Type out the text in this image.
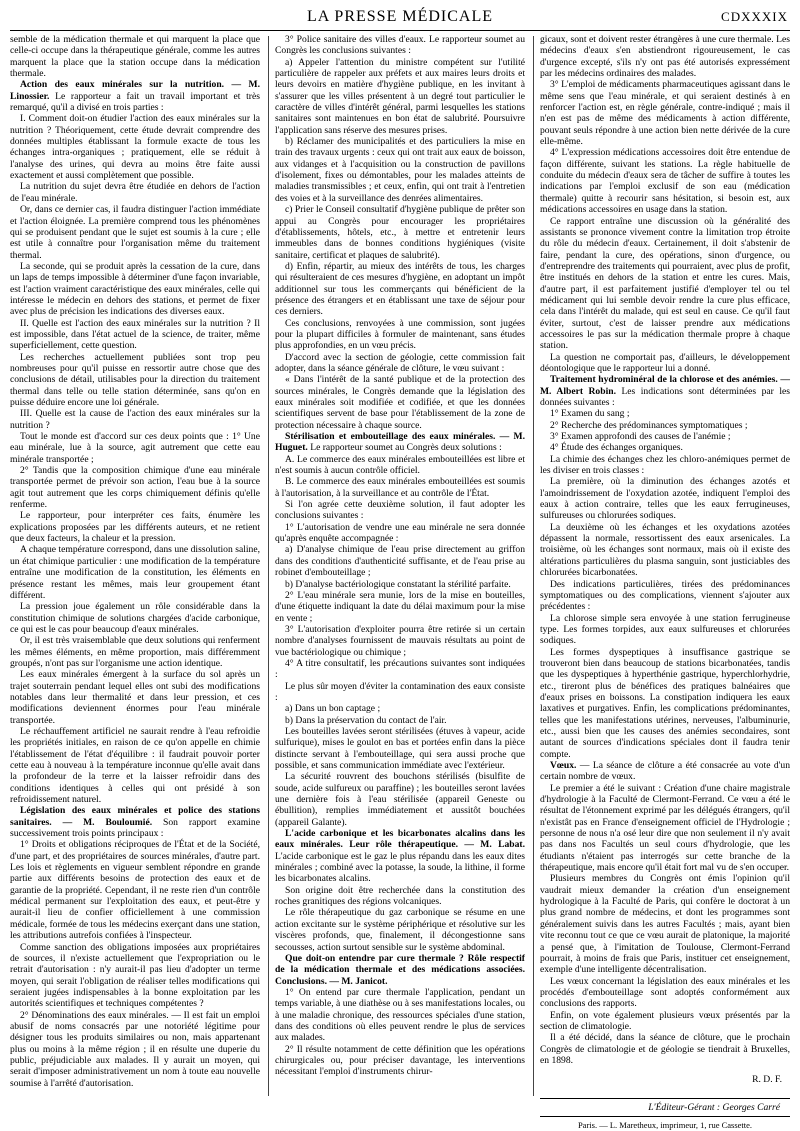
LA PRESSE MÉDICALE	CDXXXIX

semble de la médication thermale et qui marquent la place que celle-ci occupe dans la thérapeutique générale, comme les autres marquent la place que la station occupe dans la médication thermale.

Action des eaux minérales sur la nutrition. — M. Linossier. Le rapporteur a fait un travail important et très remarqué, qu'il a divisé en trois parties :

I. Comment doit-on étudier l'action des eaux minérales sur la nutrition ? Théoriquement, cette étude devrait comprendre des données multiples établissant la formule exacte de tous les échanges intra-organiques ; pratiquement, elle se réduit à l'analyse des urines, qui devra au moins être faite aussi exactement et aussi complètement que possible.

La nutrition du sujet devra être étudiée en dehors de l'action de l'eau minérale.

Or, dans ce dernier cas, il faudra distinguer l'action immédiate et l'action éloignée. La première comprend tous les phénomènes qui se produisent pendant que le sujet est soumis à la cure ; elle est utile à connaître pour l'organisation même du traitement thermal.

La seconde, qui se produit après la cessation de la cure, dans un laps de temps impossible à déterminer d'une façon invariable, est l'action vraiment caractéristique des eaux minérales, celle qui intéresse le médecin en dehors des stations, et permet de fixer avec plus de précision les indications des diverses eaux.

II. Quelle est l'action des eaux minérales sur la nutrition ? Il est impossible, dans l'état actuel de la science, de traiter, même superficiellement, cette question.

Les recherches actuellement publiées sont trop peu nombreuses pour qu'il puisse en ressortir autre chose que des conclusions de détail, utilisables pour la direction du traitement thermal dans telle ou telle station déterminée, sans qu'on en puisse déduire encore une loi générale.

III. Quelle est la cause de l'action des eaux minérales sur la nutrition ?

Tout le monde est d'accord sur ces deux points que : 1° Une eau minérale, lue à la source, agit autrement que cette eau minérale transportée ;

2° Tandis que la composition chimique d'une eau minérale transportée permet de prévoir son action, l'eau bue à la source agit tout autrement que les corps chimiquement définis qu'elle renferme.

Le rapporteur, pour interpréter ces faits, énumère les explications proposées par les différents auteurs, et ne retient que deux facteurs, la chaleur et la pression.

A chaque température correspond, dans une dissolution saline, un état chimique particulier : une modification de la température entraîne une modification de la constitution, les éléments en présence restant les mêmes, mais leur groupement étant différent.

La pression joue également un rôle considérable dans la constitution chimique de solutions chargées d'acide carbonique, ce qui est le cas pour beaucoup d'eaux minérales.

Or, il est très vraisemblable que deux solutions qui renferment les mêmes éléments, en même proportion, mais différemment groupés, n'ont pas sur l'organisme une action identique.

Les eaux minérales émergent à la surface du sol après un trajet souterrain pendant lequel elles ont subi des modifications notables dans leur thermalité et dans leur pression, et ces modifications deviennent énormes pour l'eau minérale transportée.

Le réchauffement artificiel ne saurait rendre à l'eau refroidie les propriétés initiales, en raison de ce qu'on appelle en chimie l'établissement de l'état d'équilibre : il faudrait pouvoir porter cette eau à nouveau à la température inconnue qu'elle avait dans la profondeur de la terre et la laisser refroidir dans des conditions identiques à celles qui ont présidé à son refroidissement naturel.

Législation des eaux minérales et police des stations sanitaires. — M. Bouloumié. Son rapport examine successivement trois points principaux :

1° Droits et obligations réciproques de l'État et de la Société, d'une part, et des propriétaires de sources minérales, d'autre part. Les lois et règlements en vigueur semblent répondre en grande partie aux différents besoins de protection des eaux et de garantie de la propriété. Cependant, il ne reste rien d'un contrôle médical permanent sur l'exploitation des eaux, et peut-être y aurait-il lieu de confier officiellement à une commission médicale, formée de tous les médecins exerçant dans une station, les attributions autrefois confiées à l'inspecteur.

Comme sanction des obligations imposées aux propriétaires de sources, il n'existe actuellement que l'expropriation ou le retrait d'autorisation : n'y aurait-il pas lieu d'adopter un terme moyen, qui serait l'obligation de réaliser telles modifications qui seraient jugées indispensables à la bonne exploitation par les autorités scientifiques et techniques compétentes ?

2° Dénominations des eaux minérales. — Il est fait un emploi abusif de noms consacrés par une notoriété légitime pour désigner tous les produits similaires ou non, mais appartenant plus ou moins à la même région ; il en résulte une duperie du public, préjudiciable aux malades. Il y aurait un moyen, qui serait d'imposer administrativement un nom à toute eau nouvelle soumise à l'arrêté d'autorisation.

3° Police sanitaire des villes d'eaux. Le rapporteur soumet au Congrès les conclusions suivantes :

a) Appeler l'attention du ministre compétent sur l'utilité particulière de rappeler aux préfets et aux maires leurs droits et leurs devoirs en matière d'hygiène publique, en les invitant à s'assurer que les villes présentent à un degré tout particulier le caractère de villes d'intérêt général, parmi lesquelles les stations sanitaires sont maintenues en bon état de salubrité. Poursuivre l'application sans réserve des mesures prises.

b) Réclamer des municipalités et des particuliers la mise en train des travaux urgents : ceux qui ont trait aux eaux de boisson, aux vidanges et à l'acquisition ou la construction de pavillons d'isolement, fixes ou démontables, pour les malades atteints de maladies transmissibles ; et ceux, enfin, qui ont trait à l'entretien des voies et à la surveillance des denrées alimentaires.

c) Prier le Conseil consultatif d'hygiène publique de prêter son appui au Congrès pour encourager les propriétaires d'établissements, hôtels, etc., à mettre et entretenir leurs immeubles dans de bonnes conditions hygiéniques (visite sanitaire, certificat et plaques de salubrité).

d) Enfin, répartir, au mieux des intérêts de tous, les charges qui résulteraient de ces mesures d'hygiène, en adoptant un impôt additionnel sur tous les commerçants qui bénéficient de la présence des étrangers et en établissant une taxe de séjour pour ces derniers.

Ces conclusions, renvoyées à une commission, sont jugées pour la plupart difficiles à formuler de maintenant, sans études plus approfondies, en un vœu précis.

D'accord avec la section de géologie, cette commission fait adopter, dans la séance générale de clôture, le vœu suivant :

« Dans l'intérêt de la santé publique et de la protection des sources minérales, le Congrès demande que la législation des eaux minérales soit modifiée et codifiée, et que les données scientifiques servent de base pour l'établissement de la zone de protection nécessaire à chaque source.

Stérilisation et embouteillage des eaux minérales. — M. Huguet. Le rapporteur soumet au Congrès deux solutions :

A. Le commerce des eaux minérales embouteillées est libre et n'est soumis à aucun contrôle officiel.

B. Le commerce des eaux minérales embouteillées est soumis à l'autorisation, à la surveillance et au contrôle de l'État.

Si l'on agrée cette deuxième solution, il faut adopter les conclusions suivantes :

1° L'autorisation de vendre une eau minérale ne sera donnée qu'après enquête accompagnée :

a) D'analyse chimique de l'eau prise directement au griffon dans des conditions d'authenticité suffisante, et de l'eau prise au robinet d'embouteillage ;

b) D'analyse bactériologique constatant la stérilité parfaite.

2° L'eau minérale sera munie, lors de la mise en bouteilles, d'une étiquette indiquant la date du délai maximum pour la mise en vente ;

3° L'autorisation d'exploiter pourra être retirée si un certain nombre d'analyses fournissent de mauvais résultats au point de vue bactériologique ou chimique ;

4° A titre consultatif, les précautions suivantes sont indiquées :

Le plus sûr moyen d'éviter la contamination des eaux consiste :

a) Dans un bon captage ;

b) Dans la préservation du contact de l'air.

Les bouteilles lavées seront stérilisées (étuves à vapeur, acide sulfurique), mises le goulot en bas et portées enfin dans la pièce distincte servant à l'embouteillage, qui sera aussi proche que possible, et sans communication immédiate avec l'extérieur.

La sécurité rouvrent des bouchons stérilisés (bisulfite de soude, acide sulfureux ou paraffine) ; les bouteilles seront lavées une dernière fois à l'eau stérilisée (appareil Geneste ou ébullition), remplies immédiatement et aussitôt bouchées (appareil Galante).

L'acide carbonique et les bicarbonates alcalins dans les eaux minérales. Leur rôle thérapeutique. — M. Labat. L'acide carbonique est le gaz le plus répandu dans les eaux dites minérales ; combiné avec la potasse, la soude, la lithine, il forme les bicarbonates alcalins.

Son origine doit être recherchée dans la constitution des roches granitiques des régions volcaniques.

Le rôle thérapeutique du gaz carbonique se résume en une action excitante sur le système périphérique et résolutive sur les viscères profonds, que, finalement, il décongestionne sans secousses, action surtout sensible sur le système abdominal.

Que doit-on entendre par cure thermale ? Rôle respectif de la médication thermale et des médications associées. Conclusions. — M. Janicot.

1° On entend par cure thermale l'application, pendant un temps variable, à une diathèse ou à ses manifestations locales, ou à une maladie chronique, des ressources spéciales d'une station, dans des conditions où elles peuvent rendre le plus de services aux malades.

2° Il résulte notamment de cette définition que les opérations chirurgicales ou, pour préciser davantage, les interventions nécessitant l'emploi d'instruments chirur-

gicaux, sont et doivent rester étrangères à une cure thermale. Les médecins d'eaux s'en abstiendront rigoureusement, le cas d'urgence excepté, s'ils n'y ont pas été autorisés expressément par les médecins ordinaires des malades.

3° L'emploi de médicaments pharmaceutiques agissant dans le même sens que l'eau minérale, et qui seraient destinés à en renforcer l'action est, en règle générale, contre-indiqué ; mais il n'en est pas de même des médicaments à action différente, pouvant seuls répondre à une action bien nette dérivée de la cure elle-même.

4° L'expression médications accessoires doit être entendue de façon différente, suivant les stations. La règle habituelle de conduite du médecin d'eaux sera de tâcher de suffire à toutes les indications par l'emploi exclusif de son eau (médication thermale) quitte à recourir sans hésitation, si besoin est, aux médications accessoires en usage dans la station.

Ce rapport entraîne une discussion où la généralité des assistants se prononce vivement contre la limitation trop étroite du rôle du médecin d'eaux. Certainement, il doit s'abstenir de faire, pendant la cure, des opérations, sinon d'urgence, ou d'entreprendre des traitements qui pourraient, avec plus de profit, être institués en dehors de la station et entre les cures. Mais, d'autre part, il est parfaitement justifié d'employer tel ou tel médicament qui lui semble devoir rendre la cure plus efficace, cela dans l'intérêt du malade, qui est seul en cause. Ce qu'il faut éviter, surtout, c'est de laisser prendre aux médications accessoires le pas sur la médication thermale propre à chaque station.

La question ne comportait pas, d'ailleurs, le développement déontologique que le rapporteur lui a donné.

Traitement hydrominéral de la chlorose et des anémies. — M. Albert Robin. Les indications sont déterminées par les données suivantes :

1° Examen du sang ;

2° Recherche des prédominances symptomatiques ;

3° Examen approfondi des causes de l'anémie ;

4° Étude des échanges organiques.

La chimie des échanges chez les chloro-anémiques permet de les diviser en trois classes :

La première, où la diminution des échanges azotés et l'amoindrissement de l'oxydation azotée, indiquent l'emploi des eaux à action contraire, telles que les eaux ferrugineuses, sulfureuses ou chlorurées sodiques.

La deuxième où les échanges et les oxydations azotées dépassent la normale, ressortissent des eaux arsenicales. La troisième, où les échanges sont normaux, mais où il existe des altérations particulières du plasma sanguin, sont justiciables des chlorurées bicarbonatées.

Des indications particulières, tirées des prédominances symptomatiques ou des complications, viennent s'ajouter aux précédentes :

La chlorose simple sera envoyée à une station ferrugineuse type. Les formes torpides, aux eaux sulfureuses et chlorurées sodiques.

Les formes dyspeptiques à insuffisance gastrique se trouveront bien dans beaucoup de stations bicarbonatées, tandis que les dyspeptiques à hyperthénie gastrique, hyperchlorhydrie, etc., tireront plus de bénéfices des pratiques balnéaires que d'eaux prises en boissons. La constipation indiquera les eaux laxatives et purgatives. Enfin, les complications prédominantes, telles que les manifestations utérines, nerveuses, l'albuminurie, etc., aussi bien que les causes des anémies secondaires, sont autant de sources d'indications spéciales dont il faudra tenir compte.

Vœux. — La séance de clôture a été consacrée au vote d'un certain nombre de vœux.

Le premier a été le suivant : Création d'une chaire magistrale d'hydrologie à la Faculté de Clermont-Ferrand. Ce vœu a été le résultat de l'étonnement exprimé par les délégués étrangers, qu'il n'existât pas en France d'enseignement officiel de l'Hydrologie ; personne de nous n'a osé leur dire que non seulement il n'y avait pas dans nos Facultés un seul cours d'hydrologie, que les étudiants n'étaient pas interrogés sur cette branche de la thérapeutique, mais encore qu'il était fort mal vu de s'en occuper.

Plusieurs membres du Congrès ont émis l'opinion qu'il vaudrait mieux demander la création d'un enseignement hydrologique à la Faculté de Paris, qui confère le doctorat à un plus grand nombre de médecins, et dont les programmes sont généralement suivis dans les autres Facultés ; mais, ayant bien vite reconnu tout ce que ce vœu aurait de platonique, la majorité a pensé que, à l'imitation de Toulouse, Clermont-Ferrand pourrait, à moins de frais que Paris, instituer cet enseignement, exemple d'une intelligente décentralisation.

Les vœux concernant la législation des eaux minérales et les procédés d'embouteillage sont adoptés conformément aux conclusions des rapports.

Enfin, on vote également plusieurs vœux présentés par la section de climatologie.

Il a été décidé, dans la séance de clôture, que le prochain Congrès de climatologie et de géologie se tiendrait à Bruxelles, en 1898.

R. D. F.

L'Éditeur-Gérant : Georges Carré

Paris. — L. Maretheux, imprimeur, 1, rue Cassette.
